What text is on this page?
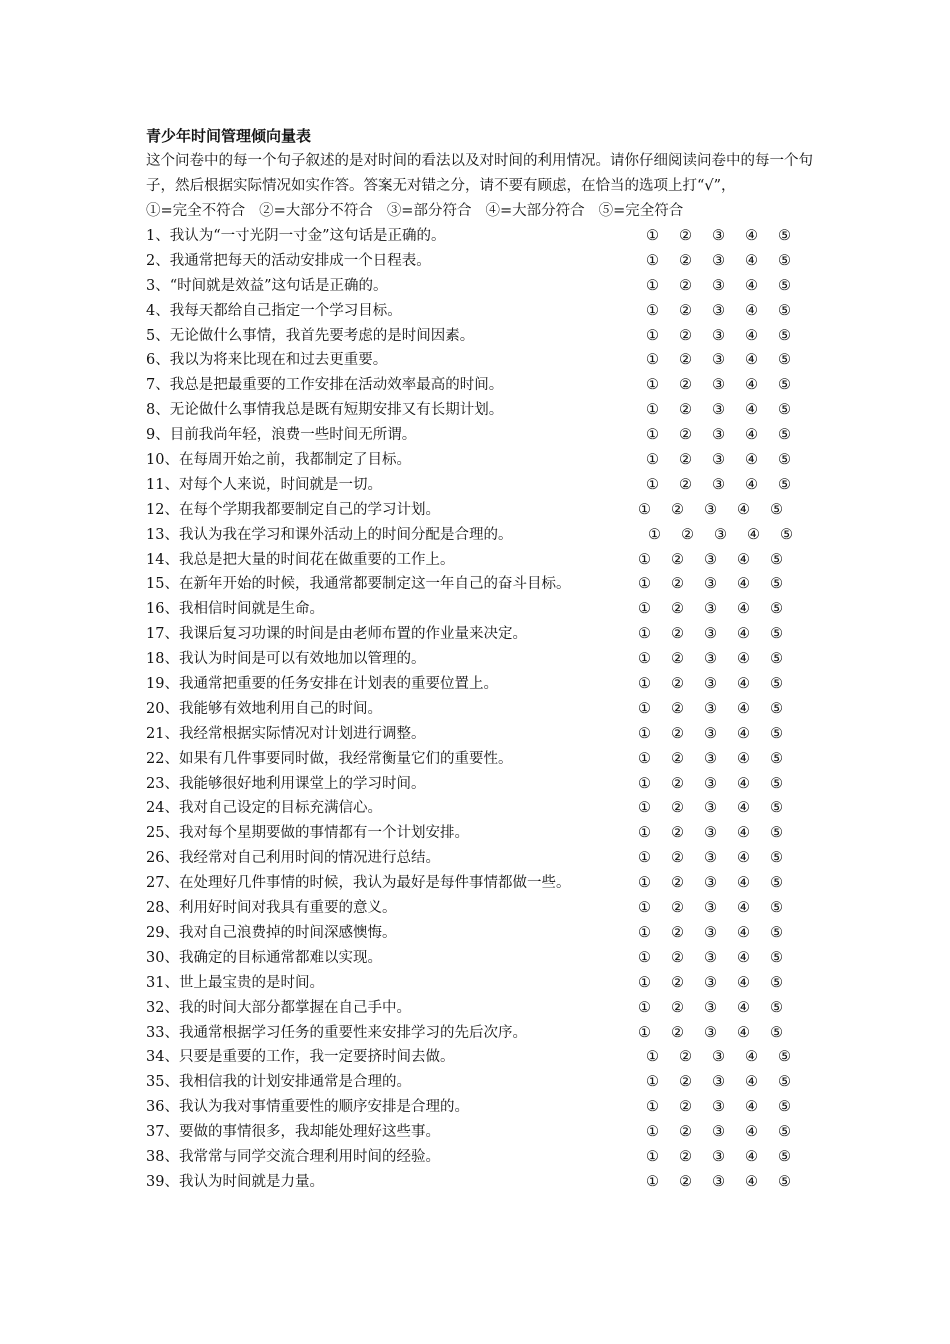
青少年时间管理倾向量表
这个问卷中的每一个句子叙述的是对时间的看法以及对时间的利用情况。请你仔细阅读问卷中的每一个句子，然后根据实际情况如实作答。答案无对错之分，请不要有顾虑，在恰当的选项上打“√”，
①=完全不符合 ②=大部分不符合 ③=部分符合 ④=大部分符合 ⑤=完全符合
1、我认为“一寸光阴一寸金”这句话是正确的。	① ② ③ ④ ⑤
2、我通常把每天的活动安排成一个日程表。	① ② ③ ④ ⑤
3、“时间就是效益”这句话是正确的。	① ② ③ ④ ⑤
4、我每天都给自己指定一个学习目标。	① ② ③ ④ ⑤
5、无论做什么事情，我首先要考虑的是时间因素。	① ② ③ ④ ⑤
6、我以为将来比现在和过去更重要。	① ② ③ ④ ⑤
7、我总是把最重要的工作安排在活动效率最高的时间。	① ② ③ ④ ⑤
8、无论做什么事情我总是既有短期安排又有长期计划。	① ② ③ ④ ⑤
9、目前我尚年轻，浪费一些时间无所谓。	① ② ③ ④ ⑤
10、在每周开始之前，我都制定了目标。	① ② ③ ④ ⑤
11、对每个人来说，时间就是一切。	① ② ③ ④ ⑤
12、在每个学期我都要制定自己的学习计划。	① ② ③ ④ ⑤
13、我认为我在学习和课外活动上的时间分配是合理的。	① ② ③ ④ ⑤
14、我总是把大量的时间花在做重要的工作上。	① ② ③ ④ ⑤
15、在新年开始的时候，我通常都要制定这一年自己的奋斗目标。	① ② ③ ④ ⑤
16、我相信时间就是生命。	① ② ③ ④ ⑤
17、我课后复习功课的时间是由老师布置的作业量来决定。	① ② ③ ④ ⑤
18、我认为时间是可以有效地加以管理的。	① ② ③ ④ ⑤
19、我通常把重要的任务安排在计划表的重要位置上。	① ② ③ ④ ⑤
20、我能够有效地利用自己的时间。	① ② ③ ④ ⑤
21、我经常根据实际情况对计划进行调整。	① ② ③ ④ ⑤
22、如果有几件事要同时做，我经常衡量它们的重要性。	① ② ③ ④ ⑤
23、我能够很好地利用课堂上的学习时间。	① ② ③ ④ ⑤
24、我对自己设定的目标充满信心。	① ② ③ ④ ⑤
25、我对每个星期要做的事情都有一个计划安排。	① ② ③ ④ ⑤
26、我经常对自己利用时间的情况进行总结。	① ② ③ ④ ⑤
27、在处理好几件事情的时候，我认为最好是每件事情都做一些。	① ② ③ ④ ⑤
28、利用好时间对我具有重要的意义。	① ② ③ ④ ⑤
29、我对自己浪费掉的时间深感懊悔。	① ② ③ ④ ⑤
30、我确定的目标通常都难以实现。	① ② ③ ④ ⑤
31、世上最宝贵的是时间。	① ② ③ ④ ⑤
32、我的时间大部分都掌握在自己手中。	① ② ③ ④ ⑤
33、我通常根据学习任务的重要性来安排学习的先后次序。	① ② ③ ④ ⑤
34、只要是重要的工作，我一定要挤时间去做。	① ② ③ ④ ⑤
35、我相信我的计划安排通常是合理的。	① ② ③ ④ ⑤
36、我认为我对事情重要性的顺序安排是合理的。	① ② ③ ④ ⑤
37、要做的事情很多，我却能处理好这些事。	① ② ③ ④ ⑤
38、我常常与同学交流合理利用时间的经验。	① ② ③ ④ ⑤
39、我认为时间就是力量。	① ② ③ ④ ⑤
